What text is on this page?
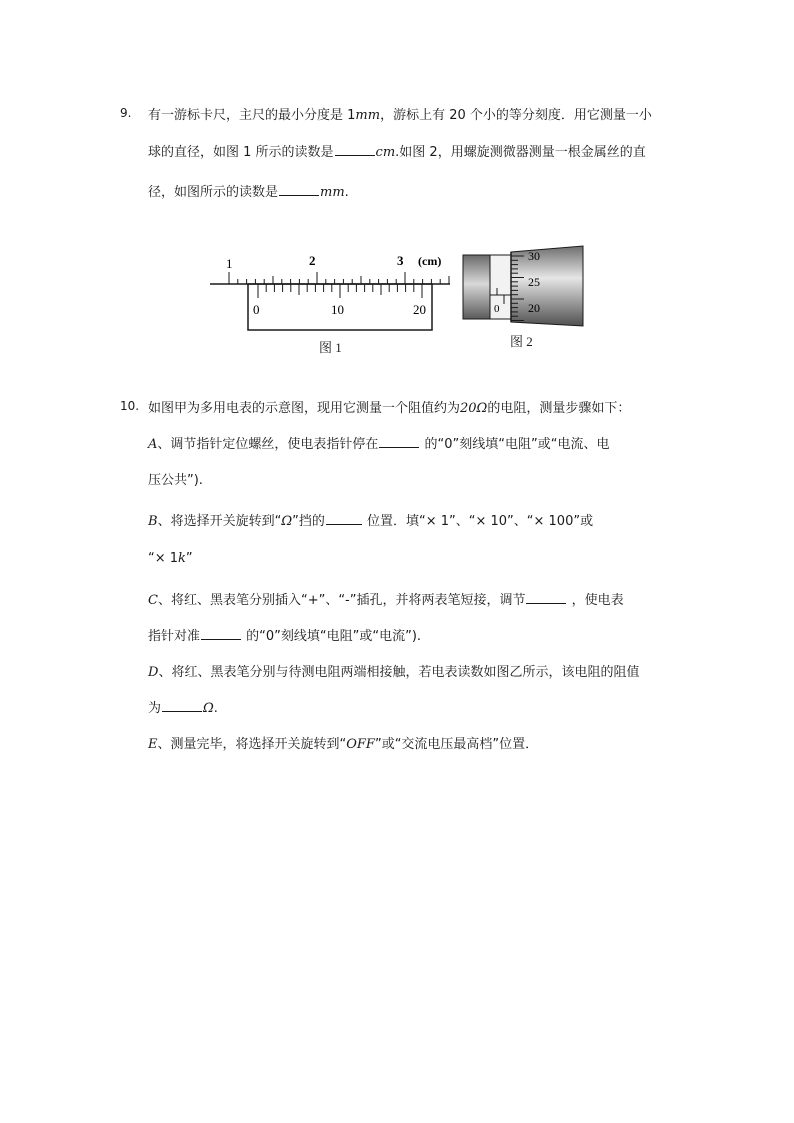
9. 有一游标卡尺，主尺的最小分度是 1mm，游标上有 20 个小的等分刻度．用它测量一小
球的直径，如图 1 所示的读数是	cm.如图 2，用螺旋测微器测量一根金属丝的直
径，如图所示的读数是	mm.
1	2	3 (cm)
0	10	20
图 1
0
30
25
20
图 2
10. 如图甲为多用电表的示意图，现用它测量一个阻值约为20Ω的电阻，测量步骤如下：
A、调节指针定位螺丝，使电表指针停在	的“0”刻线填“电阻”或“电流、电
压公共”).
B、将选择开关旋转到“Ω”挡的	位置．填“× 1”、“× 10”、“× 100”或
“× 1k”
C、将红、黑表笔分别插入“+”、“-”插孔，并将两表笔短接，调节	，使电表
指针对准	的“0”刻线填“电阻”或“电流”).
D、将红、黑表笔分别与待测电阻两端相接触，若电表读数如图乙所示，该电阻的阻值
为	Ω.
E、测量完毕，将选择开关旋转到“OFF”或“交流电压最高档”位置．
